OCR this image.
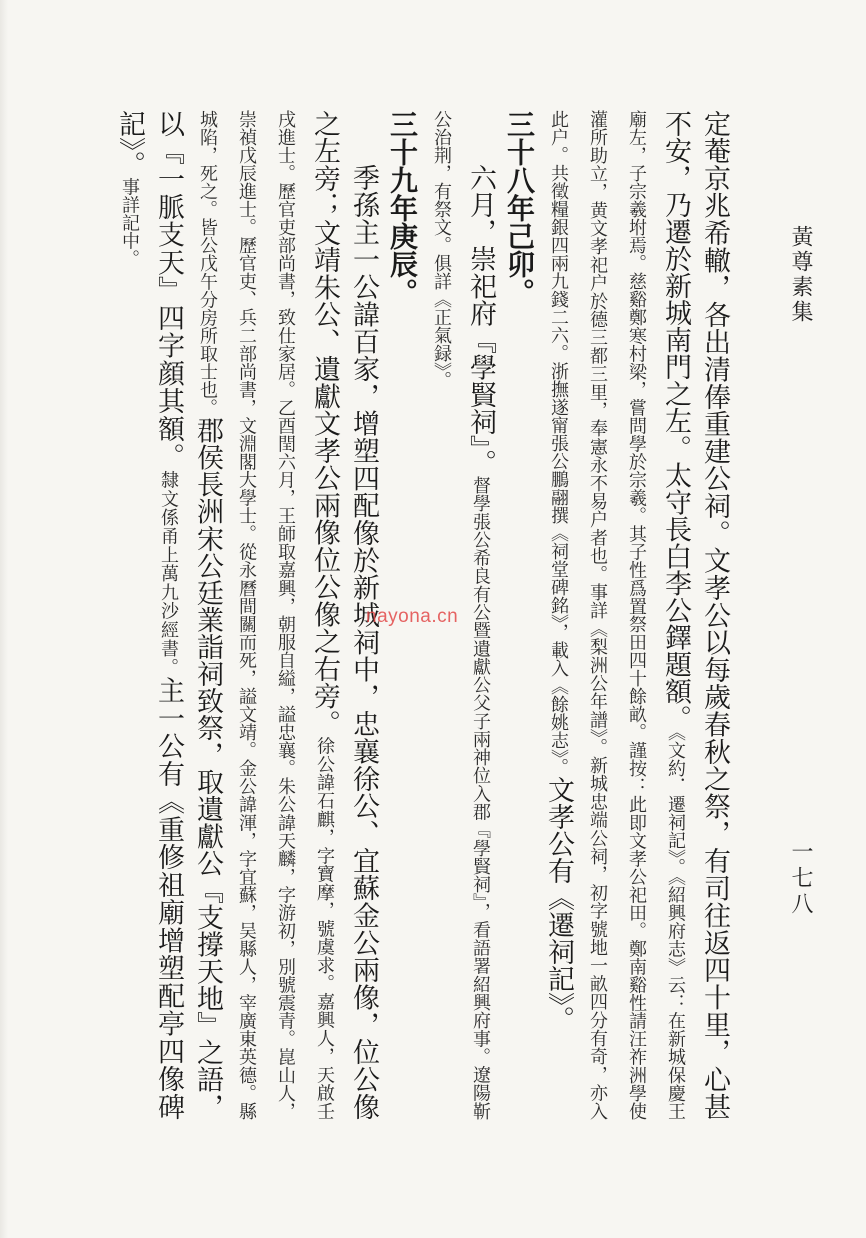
黃尊素集
一七八

定菴京兆希轍，各出清俸重建公祠。文孝公以每歲春秋之祭，有司往返四十里，心甚不安，乃遷於新城南門之左。太守長白李公鐸題額。《文約．遷祠記》。《紹興府志》云：在新城保慶王廟左，子宗羲坿焉。慈谿鄭寒村梁，嘗問學於宗羲。其子性爲置祭田四十餘畝。謹按：此即文孝公祀田。鄭南谿性請汪祚洲學使灌所助立，黄文孝祀户於德三都三里，奉憲永不易户者也。事詳《梨洲公年譜》。新城忠端公祠，初字號地一畝四分有奇，亦入此户。共徵糧銀四兩九錢二六。浙撫遂甯張公鵬翮撰《祠堂碑銘》，載入《餘姚志》。文孝公有《遷祠記》。

三十八年己卯。

六月，崇祀府『學賢祠』。督學張公希良有公暨遺獻公父子兩神位入郡『學賢祠』，看語署紹興府事。遼陽靳公治荆，有祭文。俱詳《正氣録》。

三十九年庚辰。

季孫主一公諱百家，增塑四配像於新城祠中，忠襄徐公、宜蘇金公兩像，位公像之左旁；文靖朱公、遺獻文孝公兩像位公像之右旁。徐公諱石麒，字寶摩，號虞求。嘉興人，天啟壬戌進士。歷官吏部尚書，致仕家居。乙酉閏六月，王師取嘉興，朝服自縊，謚忠襄。朱公諱天麟，字游初，別號震青。崑山人，崇禎戊辰進士。歷官吏、兵二部尚書，文淵閣大學士。從永曆間關而死，謚文靖。金公諱渾，字宜蘇，吴縣人，宰廣東英德。縣城陷，死之。皆公戊午分房所取士也。郡侯長洲宋公廷業詣祠致祭，取遺獻公『支撐天地』之語，以『一脈支天』四字顔其額。隸文係甬上萬九沙經書。主一公有《重修祖廟增塑配亭四像碑記》。事詳記中。

nayona.cn
